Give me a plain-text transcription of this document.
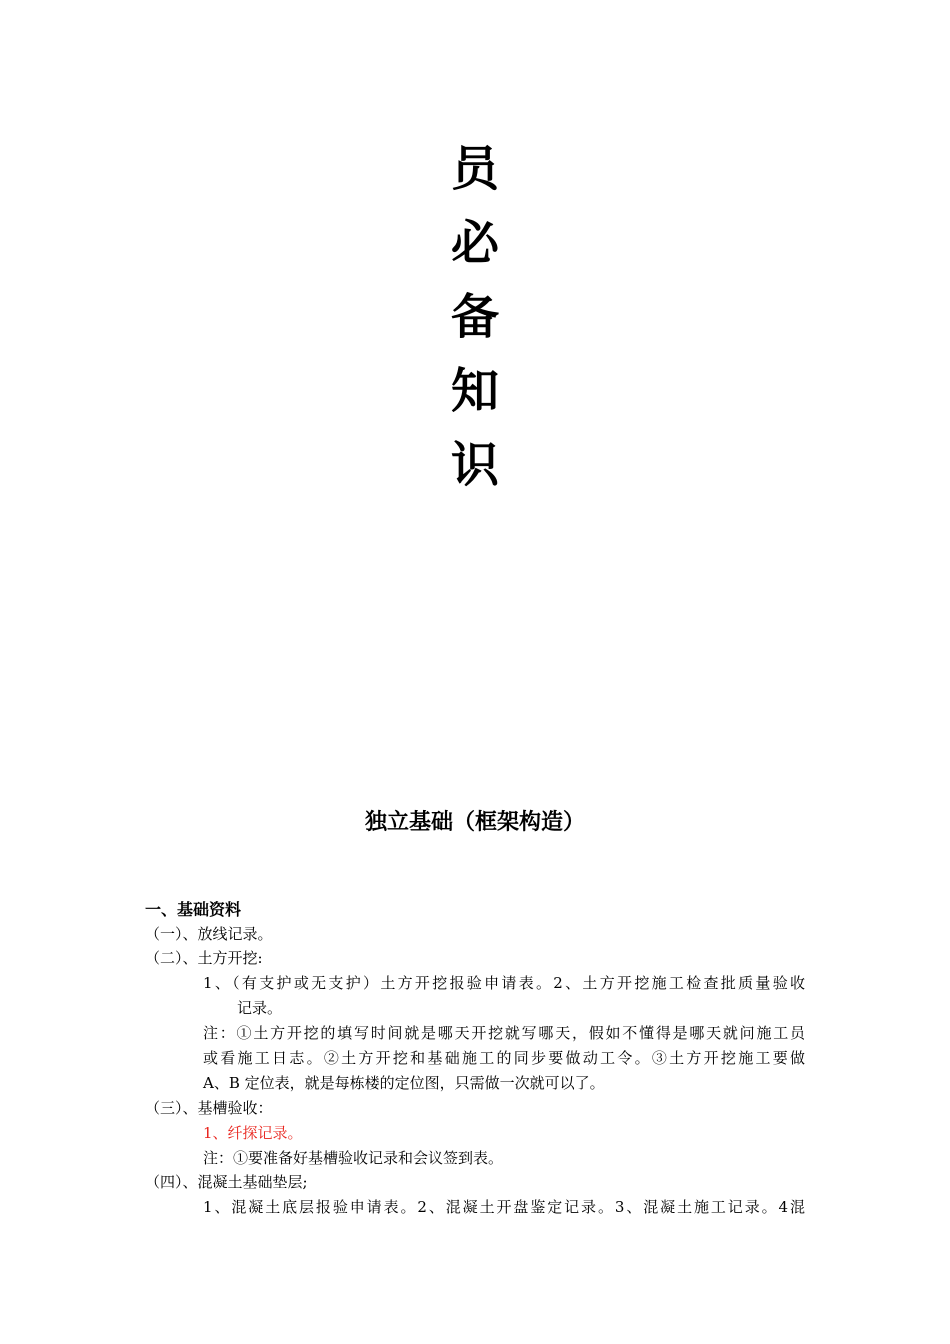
员
必
备
知
识
独立基础（框架构造）
一、基础资料
（一）、放线记录。
（二）、土方开挖:
1、（有支护或无支护）土方开挖报验申请表。2、土方开挖施工检查批质量验收
记录。
注：①土方开挖的填写时间就是哪天开挖就写哪天，假如不懂得是哪天就问施工员
或看施工日志。②土方开挖和基础施工的同步要做动工令。③土方开挖施工要做
A、B 定位表，就是每栋楼的定位图，只需做一次就可以了。
（三）、基槽验收：
1、纤探记录。
注：①要准备好基槽验收记录和会议签到表。
（四）、混凝土基础垫层;
1、混凝土底层报验申请表。2、混凝土开盘鉴定记录。3、混凝土施工记录。4混
